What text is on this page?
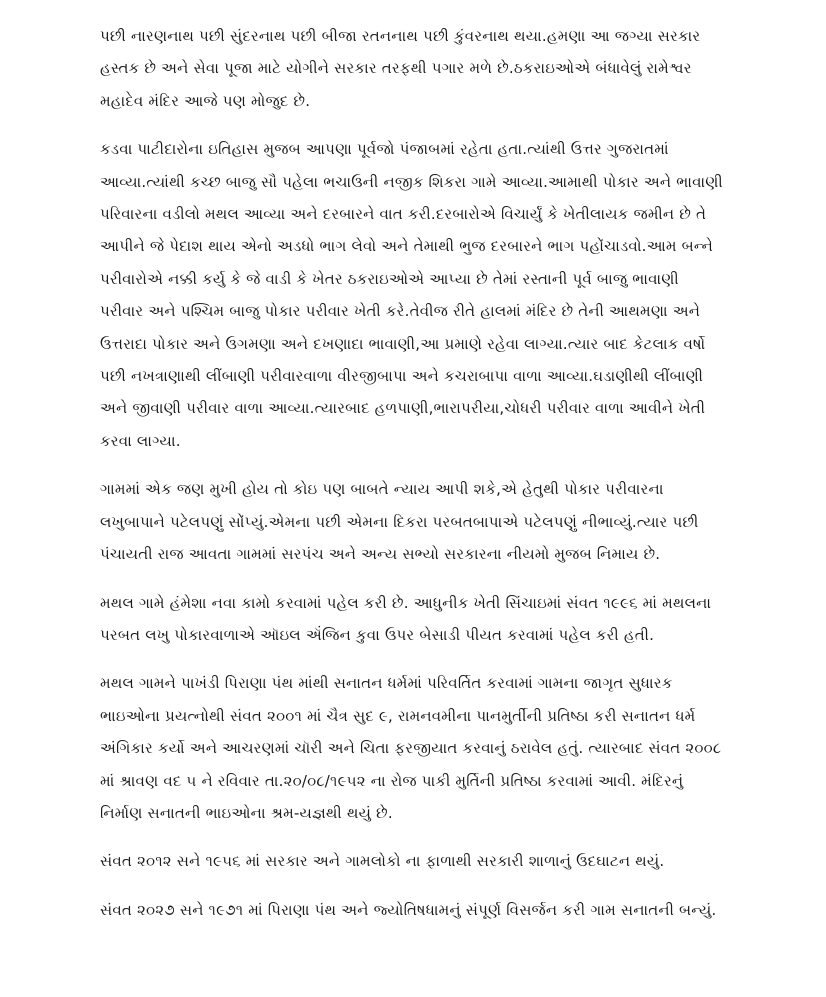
પછી નારણનાથ પછી સુંદરનાથ પછી બીજા રતનનાથ પછી કુંવરનાથ થયા.હમણા આ જગ્યા સરકાર હસ્તક છે અને સેવા પૂજા માટે યોગીને સરકાર તરફથી પગાર મળે છે.ઠકરાઇઓએ બંધાવેલું રામેશ્વર મહાદેવ મંદિર આજે પણ મોજુદ છે.

કડવા પાટીદારોના ઇતિહાસ મુજબ આપણા પૂર્વજો પંજાબમાં રહેતા હતા.ત્યાંથી ઉત્તર ગુજરાતમાં આવ્યા.ત્યાંથી કચ્છ બાજુ સૌ પહેલા ભચાઉની નજીક શિકરા ગામે આવ્યા.આમાથી પોકાર અને ભાવાણી પરિવારના વડીલો મથલ આવ્યા અને દરબારને વાત કરી.દરબારોએ વિચાર્યું કે ખેતીલાયક જમીન છે તે આપીને જે પેદાશ થાય એનો અડધો ભાગ લેવો અને તેમાથી ભુજ દરબારને ભાગ પહોંચાડવો.આમ બન્ને પરીવારોએ નક્કી કર્યુ કે જે વાડી કે ખેતર ઠકરાઇઓએ આપ્યા છે તેમાં રસ્તાની પૂર્વ બાજુ ભાવાણી પરીવાર અને પશ્ચિમ બાજુ પોકાર પરીવાર ખેતી કરે.તેવીજ રીતે હાલમાં મંદિર છે તેની આથમણા અને ઉત્તરાદા પોકાર અને ઉગમણા અને દખણાદા ભાવાણી,આ પ્રમાણે રહેવા લાગ્યા.ત્યાર બાદ કેટલાક વર્ષો પછી નખત્રાણાથી લીંબાણી પરીવારવાળા વીરજીબાપા અને કચરાબાપા વાળા આવ્યા.ઘડાણીથી લીંબાણી અને જીવાણી પરીવાર વાળા આવ્યા.ત્યારબાદ હળપાણી,ભારાપરીયા,ચોધરી પરીવાર વાળા આવીને ખેતી કરવા લાગ્યા.

ગામમાં એક જણ મુખી હોય તો કોઇ પણ બાબતે ન્યાય આપી શકે,એ હેતુથી પોકાર પરીવારના લખુબાપાને પટેલપણું સોંપ્યું.એમના પછી એમના દિકરા પરબતબાપાએ પટેલપણું નીભાવ્યું.ત્યાર પછી પંચાયતી રાજ આવતા ગામમાં સરપંચ અને અન્ય સભ્યો સરકારના નીયમો મુજબ નિમાય છે.

મથલ ગામે હંમેશા નવા કામો કરવામાં પહેલ કરી છે. આધુનીક ખેતી સિંચાઇમાં સંવત ૧૯૯૬ માં મથલના પરબત લખુ પોકારવાળાએ ઑઇલ ઍંજિન કુવા ઉપર બેસાડી પીયત કરવામાં પહેલ કરી હતી.

મથલ ગામને પાખંડી પિરાણા પંથ માંથી સનાતન ધર્મમાં પરિવર્તિત કરવામાં ગામના જાગૃત સુધારક ભાઇઓના પ્રયત્નોથી સંવત ૨૦૦૧ માં ચૈત્ર સુદ ૯, રામનવમીના પાનમુર્તીની પ્રતિષ્ઠા કરી સનાતન ધર્મ અંગિકાર કર્યો અને આચરણમાં ચૉરી અને ચિતા ફરજીયાત કરવાનું ઠરાવેલ હતું. ત્યારબાદ સંવત ૨૦૦૮ માં શ્રાવણ વદ ૫ ને રવિવાર તા.૨૦/૦૮/૧૯૫૨ ના રોજ પાકી મુર્તિની પ્રતિષ્ઠા કરવામાં આવી. મંદિરનું નિર્માણ સનાતની ભાઇઓના શ્રમ-યજ્ઞથી થયું છે.

સંવત ૨૦૧૨ સને ૧૯૫૬ માં સરકાર અને ગામલોકો ના ફાળાથી સરકારી શાળાનું ઉદઘાટન થયું.

સંવત ૨૦૨૭ સને ૧૯૭૧ માં પિરાણા પંથ અને જ્યોતિષધામનું સંપૂર્ણ વિસર્જન કરી ગામ સનાતની બન્યું.
